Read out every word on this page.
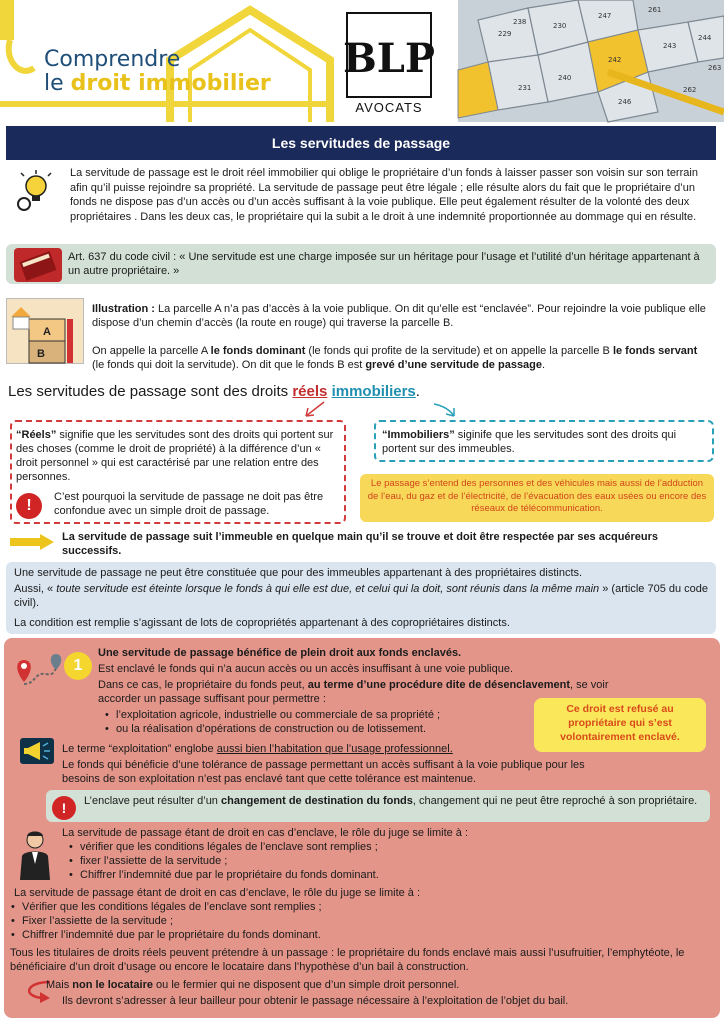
Comprendre
le droit immobilier
BLP
AVOCATS
229
230
231
242
238
240
243
244
246
247
261
262
263
Les servitudes de passage
La servitude de passage est le droit réel immobilier qui oblige le propriétaire d’un fonds à laisser passer son voisin sur son terrain afin qu’il puisse rejoindre sa propriété. La servitude de passage peut être légale ; elle résulte alors du fait que le propriétaire d’un fonds ne dispose pas d’un accès ou d’un accès suffisant à la voie publique. Elle peut également résulter de la volonté des deux propriétaires . Dans les deux cas, le propriétaire qui la subit a le droit à une indemnité proportionnée au dommage qui en résulte.
Art. 637 du code civil : « Une servitude est une charge imposée sur un héritage pour l’usage et l’utilité d’un héritage appartenant à un autre propriétaire. »
A
B
Illustration : La parcelle A n’a pas d’accès à la voie publique. On dit qu’elle est “enclavée”. Pour rejoindre la voie publique elle dispose d’un chemin d’accès (la route en rouge) qui traverse la parcelle B.
On appelle la parcelle A le fonds dominant (le fonds qui profite de la servitude) et on appelle la parcelle B le fonds servant (le fonds qui doit la servitude). On dit que le fonds B est grevé d’une servitude de passage.
Les servitudes de passage sont des droits réels immobiliers.
“Réels” signifie que les servitudes sont des droits qui portent sur des choses (comme le droit de propriété) à la différence d’un « droit personnel » qui est caractérisé par une relation entre des personnes.
!	C’est pourquoi la servitude de passage ne doit pas être confondue avec un simple droit de passage.
“Immobiliers” siginife que les servitudes sont des droits qui portent sur des immeubles.
Le passage s’entend des personnes et des véhicules mais aussi de l’adduction de l’eau, du gaz et de l’électricité, de l’évacuation des eaux usées ou encore des réseaux de télécommunication.
La servitude de passage suit l’immeuble en quelque main qu’il se trouve et doit être respectée par ses acquéreurs successifs.

Une servitude de passage ne peut être constituée que pour des immeubles appartenant à des propriétaires distincts.

Aussi, « toute servitude est éteinte lorsque le fonds à qui elle est due, et celui qui la doit, sont réunis dans la même main » (article 705 du code civil).

La condition est remplie s’agissant de lots de copropriétés appartenant à des copropriétaires distincts.

1
Une servitude de passage bénéfice de plein droit aux fonds enclavés.
Est enclavé le fonds qui n’a aucun accès ou un accès insuffisant à une voie publique.
Dans ce cas, le propriétaire du fonds peut, au terme d’une procédure dite de désenclavement, se voir accorder un passage suffisant pour permettre :
• l’exploitation agricole, industrielle ou commerciale de sa propriété ;
• ou la réalisation d’opérations de construction ou de lotissement.
Ce droit est refusé au propriétaire qui s’est volontairement enclavé.
Le terme “exploitation” englobe aussi bien l’habitation que l’usage professionnel.
Le fonds qui bénéficie d’une tolérance de passage permettant un accès suffisant à la voie publique pour les besoins de son exploitation n’est pas enclavé tant que cette tolérance est maintenue.
!	L’enclave peut résulter d’un changement de destination du fonds, changement qui ne peut être reproché à son propriétaire.
La servitude de passage étant de droit en cas d’enclave, le rôle du juge se limite à :
• vérifier que les conditions légales de l’enclave sont remplies ;
• fixer l’assiette de la servitude ;
• Chiffrer l’indemnité due par le propriétaire du fonds dominant.
La servitude de passage étant de droit en cas d’enclave, le rôle du juge se limite à :
• Vérifier que les conditions légales de l’enclave sont remplies ;
• Fixer l’assiette de la servitude ;
• Chiffrer l’indemnité due par le propriétaire du fonds dominant.
Tous les titulaires de droits réels peuvent prétendre à un passage : le propriétaire du fonds enclavé mais aussi l’usufruitier, l’emphytéote, le bénéficiaire d’un droit d’usage ou encore le locataire dans l’hypothèse d’un bail à construction.
Mais non le locataire ou le fermier qui ne disposent que d’un simple droit personnel.
Ils devront s’adresser à leur bailleur pour obtenir le passage nécessaire à l’exploitation de l’objet du bail.
